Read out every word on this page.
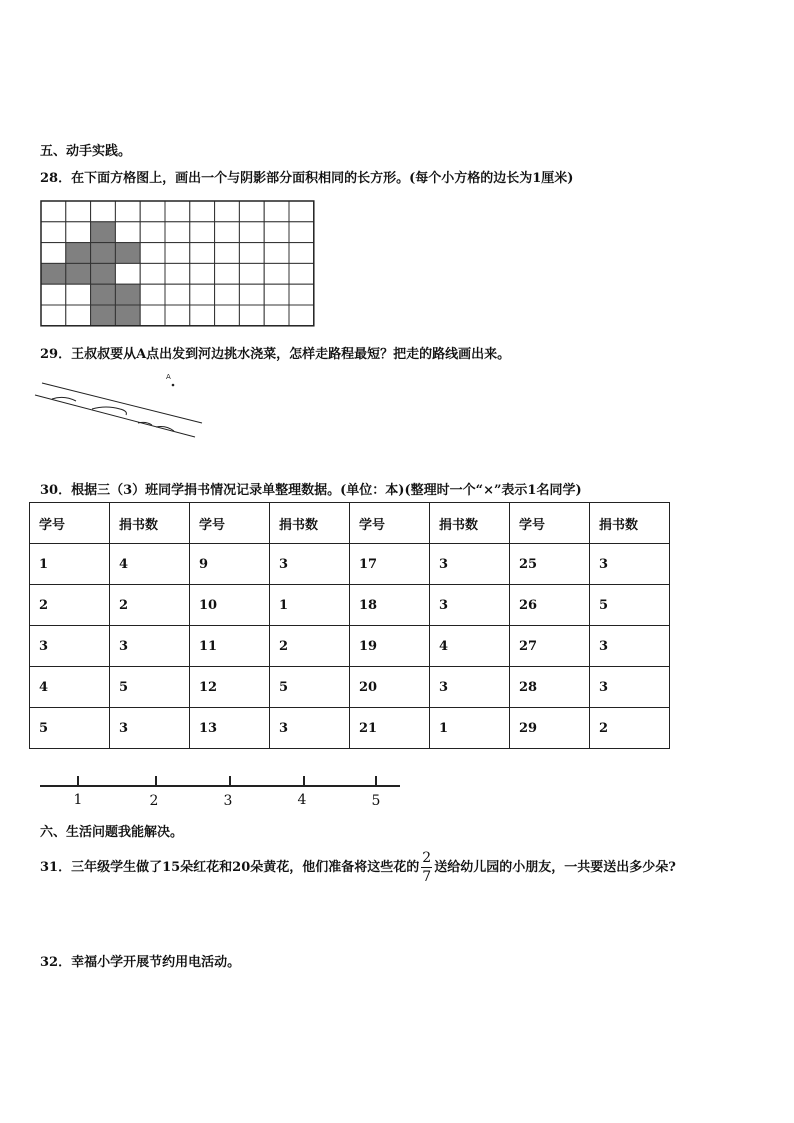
五、动手实践。
28．在下面方格图上，画出一个与阴影部分面积相同的长方形。(每个小方格的边长为1厘米)
29．王叔叔要从A点出发到河边挑水浇菜，怎样走路程最短？把走的路线画出来。
A
30．根据三（3）班同学捐书情况记录单整理数据。(单位：本)(整理时一个“×”表示1名同学)
学号	捐书数	学号	捐书数	学号	捐书数	学号	捐书数
1	4	9	3	17	3	25	3
2	2	10	1	18	3	26	5
3	3	11	2	19	4	27	3
4	5	12	5	20	3	28	3
5	3	13	3	21	1	29	2
1	2	3	4	5
六、生活问题我能解决。
31．三年级学生做了15朵红花和20朵黄花，他们准备将这些花的 $\frac{2}{7}$ 送给幼儿园的小朋友，一共要送出多少朵?
32．幸福小学开展节约用电活动。
